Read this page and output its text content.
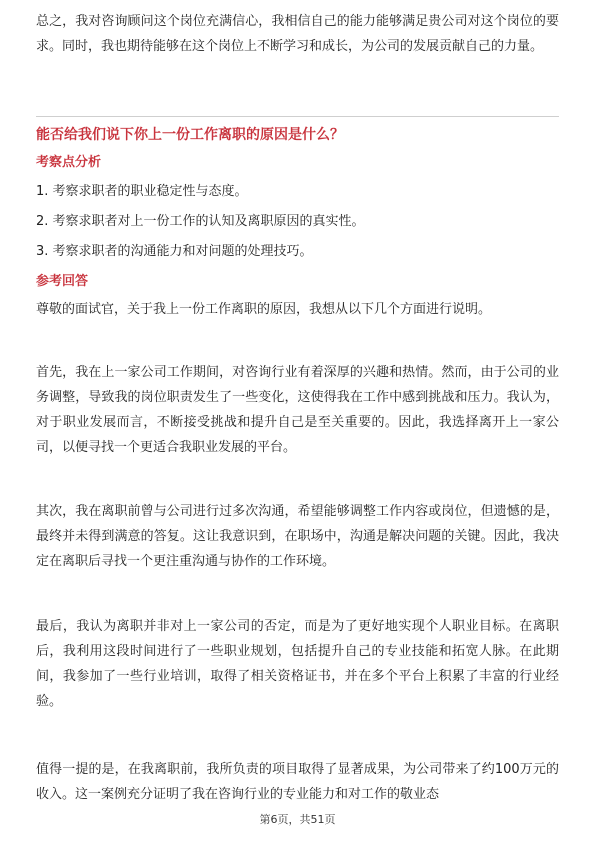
总之，我对咨询顾问这个岗位充满信心，我相信自己的能力能够满足贵公司对这个岗位的要求。同时，我也期待能够在这个岗位上不断学习和成长，为公司的发展贡献自己的力量。

能否给我们说下你上一份工作离职的原因是什么？
考察点分析
1. 考察求职者的职业稳定性与态度。
2. 考察求职者对上一份工作的认知及离职原因的真实性。
3. 考察求职者的沟通能力和对问题的处理技巧。
参考回答

尊敬的面试官，关于我上一份工作离职的原因，我想从以下几个方面进行说明。

首先，我在上一家公司工作期间，对咨询行业有着深厚的兴趣和热情。然而，由于公司的业务调整，导致我的岗位职责发生了一些变化，这使得我在工作中感到挑战和压力。我认为，对于职业发展而言，不断接受挑战和提升自己是至关重要的。因此，我选择离开上一家公司，以便寻找一个更适合我职业发展的平台。

其次，我在离职前曾与公司进行过多次沟通，希望能够调整工作内容或岗位，但遗憾的是，最终并未得到满意的答复。这让我意识到，在职场中，沟通是解决问题的关键。因此，我决定在离职后寻找一个更注重沟通与协作的工作环境。

最后，我认为离职并非对上一家公司的否定，而是为了更好地实现个人职业目标。在离职后，我利用这段时间进行了一些职业规划，包括提升自己的专业技能和拓宽人脉。在此期间，我参加了一些行业培训，取得了相关资格证书，并在多个平台上积累了丰富的行业经验。

值得一提的是，在我离职前，我所负责的项目取得了显著成果，为公司带来了约100万元的收入。这一案例充分证明了我在咨询行业的专业能力和对工作的敬业态

第6页，共51页
